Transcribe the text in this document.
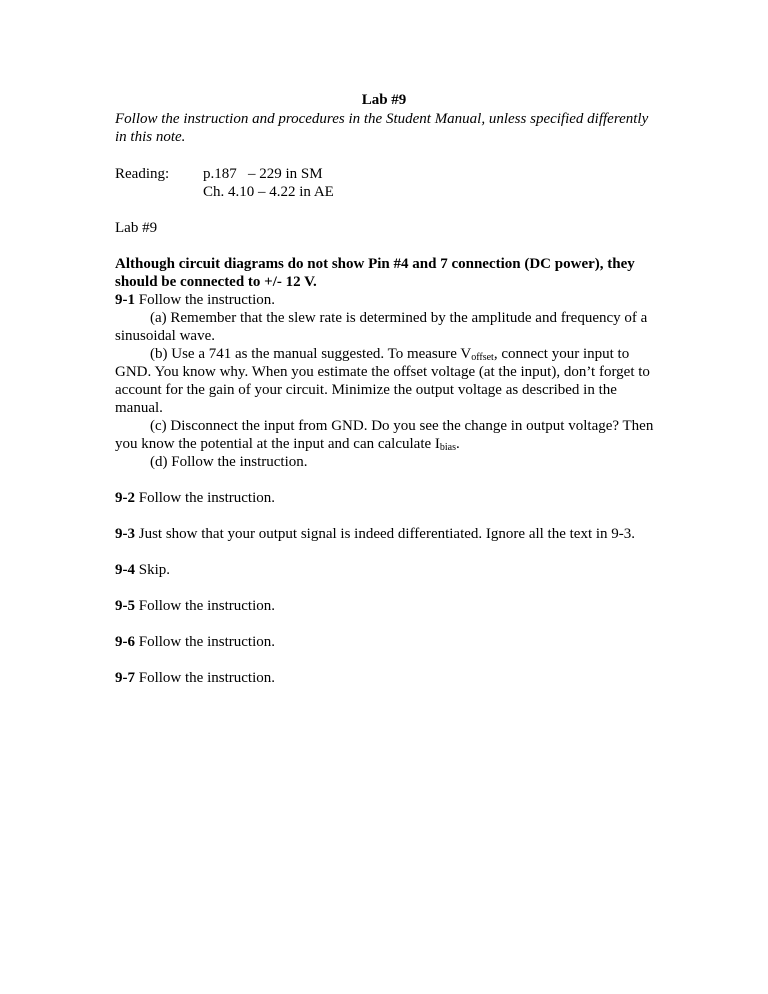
Lab #9
Follow the instruction and procedures in the Student Manual, unless specified differently in this note.
Reading: p.187   – 229 in SM
Ch. 4.10 – 4.22 in AE
Lab #9
Although circuit diagrams do not show Pin #4 and 7 connection (DC power), they should be connected to +/- 12 V.

9-1 Follow the instruction.

(a) Remember that the slew rate is determined by the amplitude and frequency of a sinusoidal wave.

(b) Use a 741 as the manual suggested. To measure $V_{offset}$, connect your input to GND. You know why. When you estimate the offset voltage (at the input), don’t forget to account for the gain of your circuit. Minimize the output voltage as described in the manual.

(c) Disconnect the input from GND. Do you see the change in output voltage? Then you know the potential at the input and can calculate $I_{bias}$.

(d) Follow the instruction.

9-2 Follow the instruction.
9-3 Just show that your output signal is indeed differentiated. Ignore all the text in 9-3.
9-4 Skip.
9-5 Follow the instruction.
9-6 Follow the instruction.
9-7 Follow the instruction.
